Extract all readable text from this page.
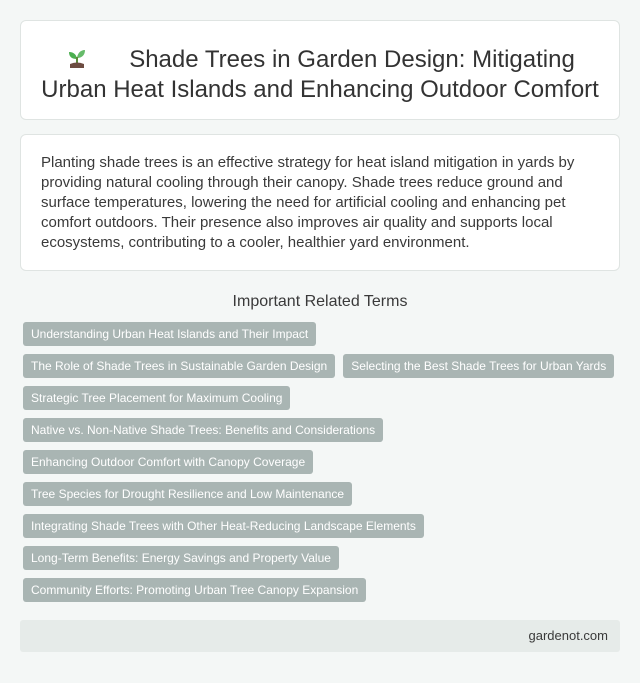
Shade Trees in Garden Design: Mitigating Urban Heat Islands and Enhancing Outdoor Comfort

Planting shade trees is an effective strategy for heat island mitigation in yards by providing natural cooling through their canopy. Shade trees reduce ground and surface temperatures, lowering the need for artificial cooling and enhancing pet comfort outdoors. Their presence also improves air quality and supports local ecosystems, contributing to a cooler, healthier yard environment.

Important Related Terms
Understanding Urban Heat Islands and Their Impact
The Role of Shade Trees in Sustainable Garden Design	Selecting the Best Shade Trees for Urban Yards
Strategic Tree Placement for Maximum Cooling
Native vs. Non-Native Shade Trees: Benefits and Considerations
Enhancing Outdoor Comfort with Canopy Coverage
Tree Species for Drought Resilience and Low Maintenance
Integrating Shade Trees with Other Heat-Reducing Landscape Elements
Long-Term Benefits: Energy Savings and Property Value
Community Efforts: Promoting Urban Tree Canopy Expansion
gardenot.com
